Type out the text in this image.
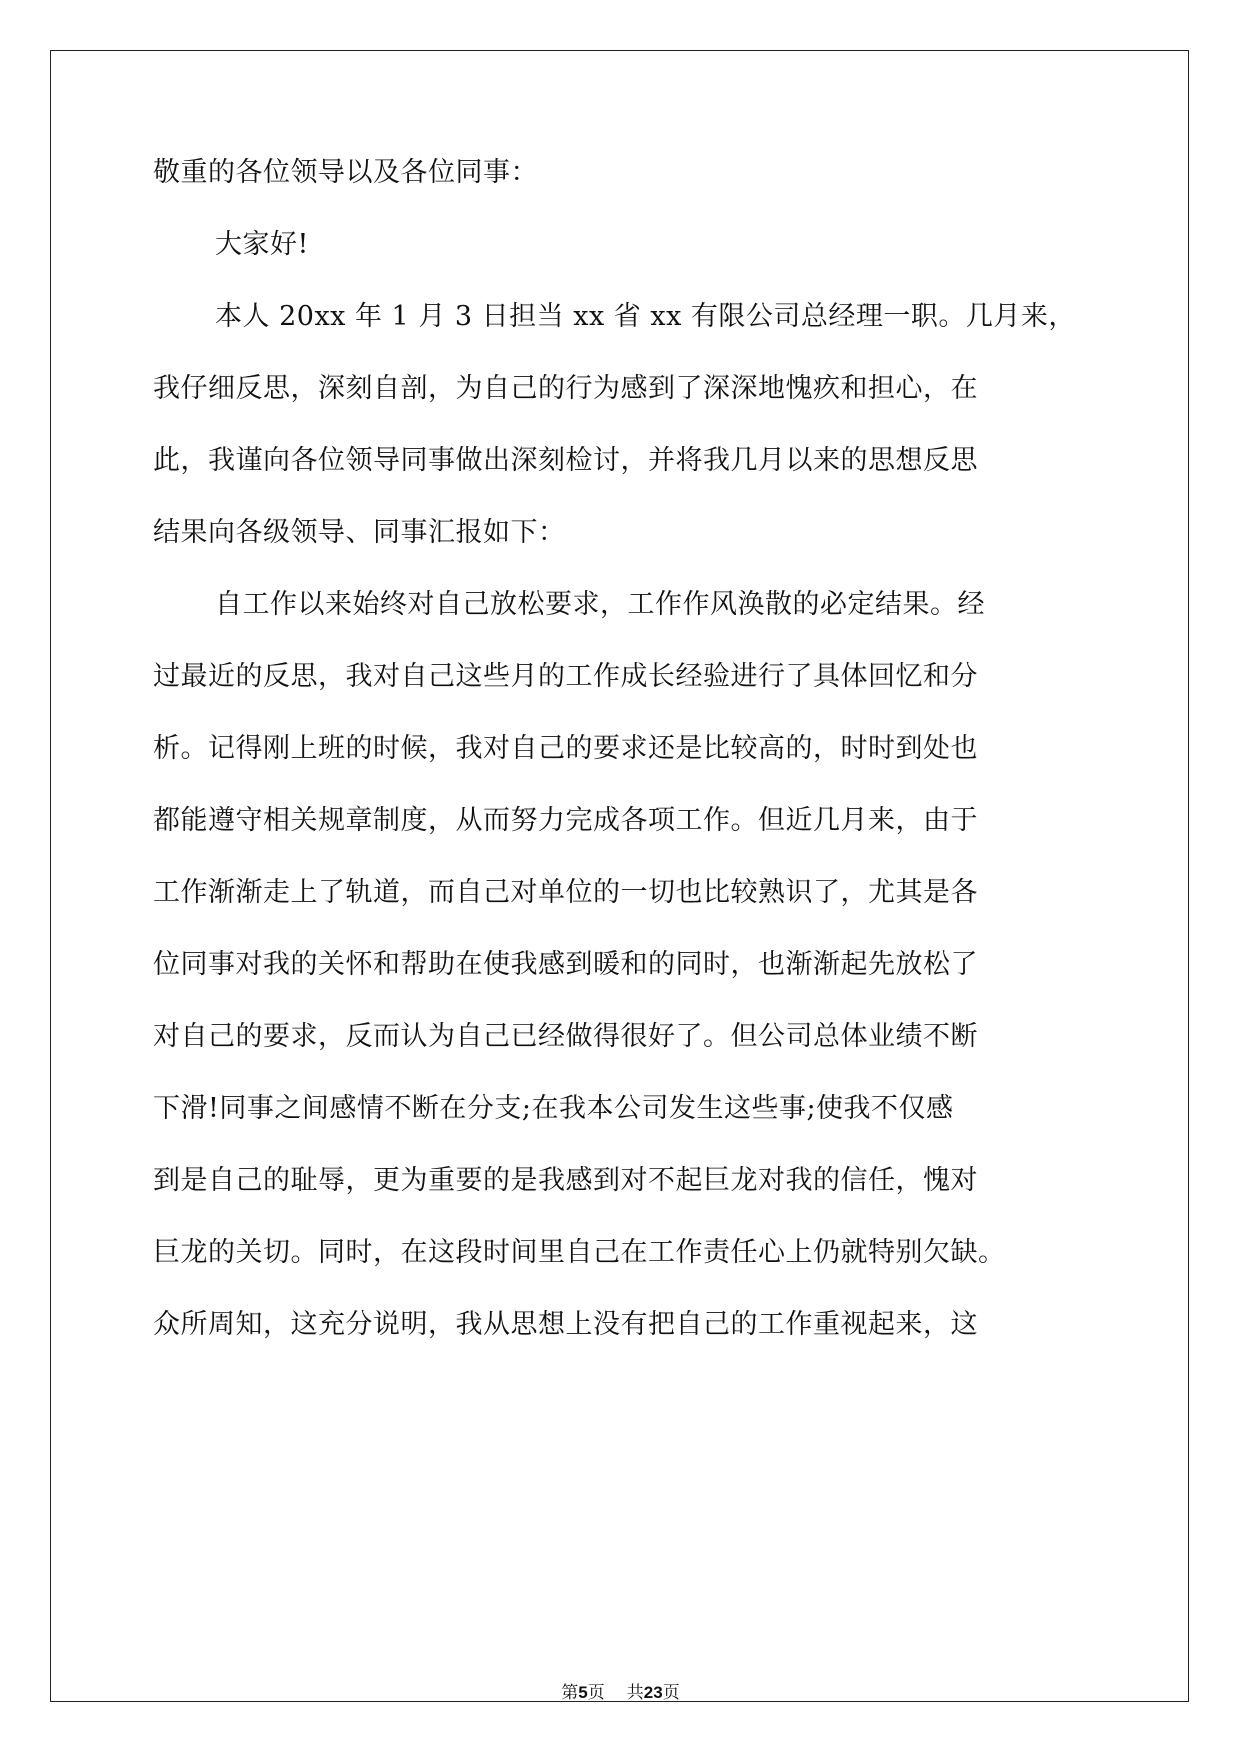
敬重的各位领导以及各位同事：
大家好!
本人 20xx 年 1 月 3 日担当 xx 省 xx 有限公司总经理一职。几月来，
我仔细反思，深刻自剖，为自己的行为感到了深深地愧疚和担心，在
此，我谨向各位领导同事做出深刻检讨，并将我几月以来的思想反思
结果向各级领导、同事汇报如下：
自工作以来始终对自己放松要求，工作作风涣散的必定结果。经
过最近的反思，我对自己这些月的工作成长经验进行了具体回忆和分
析。记得刚上班的时候，我对自己的要求还是比较高的，时时到处也
都能遵守相关规章制度，从而努力完成各项工作。但近几月来，由于
工作渐渐走上了轨道，而自己对单位的一切也比较熟识了，尤其是各
位同事对我的关怀和帮助在使我感到暖和的同时，也渐渐起先放松了
对自己的要求，反而认为自己已经做得很好了。但公司总体业绩不断
下滑!同事之间感情不断在分支;在我本公司发生这些事;使我不仅感
到是自己的耻辱，更为重要的是我感到对不起巨龙对我的信任，愧对
巨龙的关切。同时，在这段时间里自己在工作责任心上仍就特别欠缺。
众所周知，这充分说明，我从思想上没有把自己的工作重视起来，这
第5页 共23页
